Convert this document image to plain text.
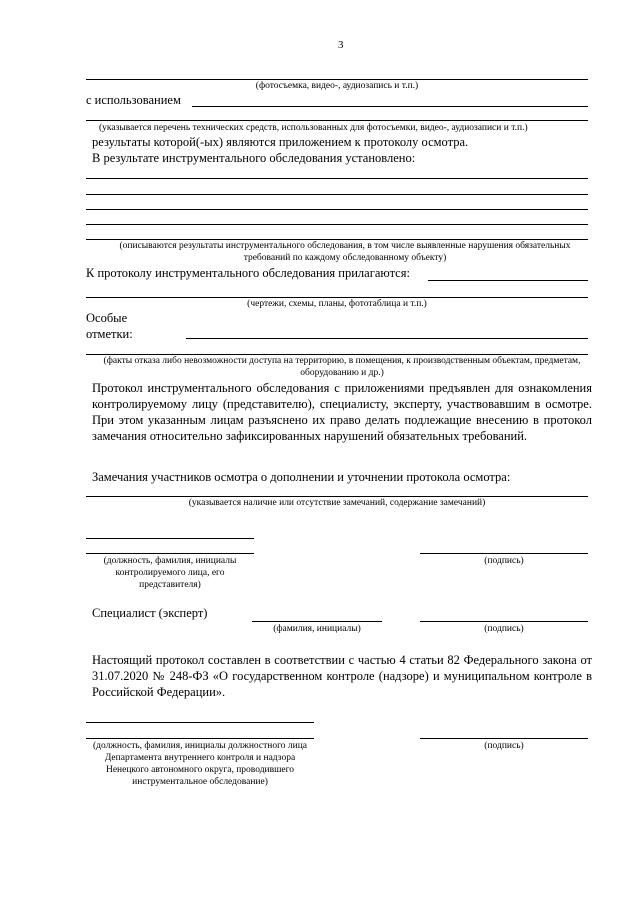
3
(фотосъемка, видео-, аудиозапись и т.п.)
с использованием
(указывается перечень технических средств, использованных для фотосъемки, видео-, аудиозаписи и т.п.)
результаты которой(-ых) являются приложением к протоколу осмотра.
В результате инструментального обследования установлено:
(описываются результаты инструментального обследования, в том числе выявленные нарушения обязательных требований по каждому обследованному объекту)
К протоколу инструментального обследования прилагаются:
(чертежи, схемы, планы, фототаблица и т.п.)
Особые
отметки:
(факты отказа либо невозможности доступа на территорию, в помещения, к производственным объектам, предметам, оборудованию и др.)
Протокол инструментального обследования с приложениями предъявлен для ознакомления контролируемому лицу (представителю), специалисту, эксперту, участвовавшим в осмотре. При этом указанным лицам разъяснено их право делать подлежащие внесению в протокол замечания относительно зафиксированных нарушений обязательных требований.
Замечания участников осмотра о дополнении и уточнении протокола осмотра:
(указывается наличие или отсутствие замечаний, содержание замечаний)
(должность, фамилия, инициалы контролируемого лица, его представителя)
(подпись)
Специалист (эксперт)
(фамилия, инициалы)	(подпись)
Настоящий протокол составлен в соответствии с частью 4 статьи 82 Федерального закона от 31.07.2020 № 248-ФЗ «О государственном контроле (надзоре) и муниципальном контроле в Российской Федерации».
(должность, фамилия, инициалы должностного лица Департамента внутреннего контроля и надзора Ненецкого автономного округа, проводившего инструментальное обследование)
(подпись)
